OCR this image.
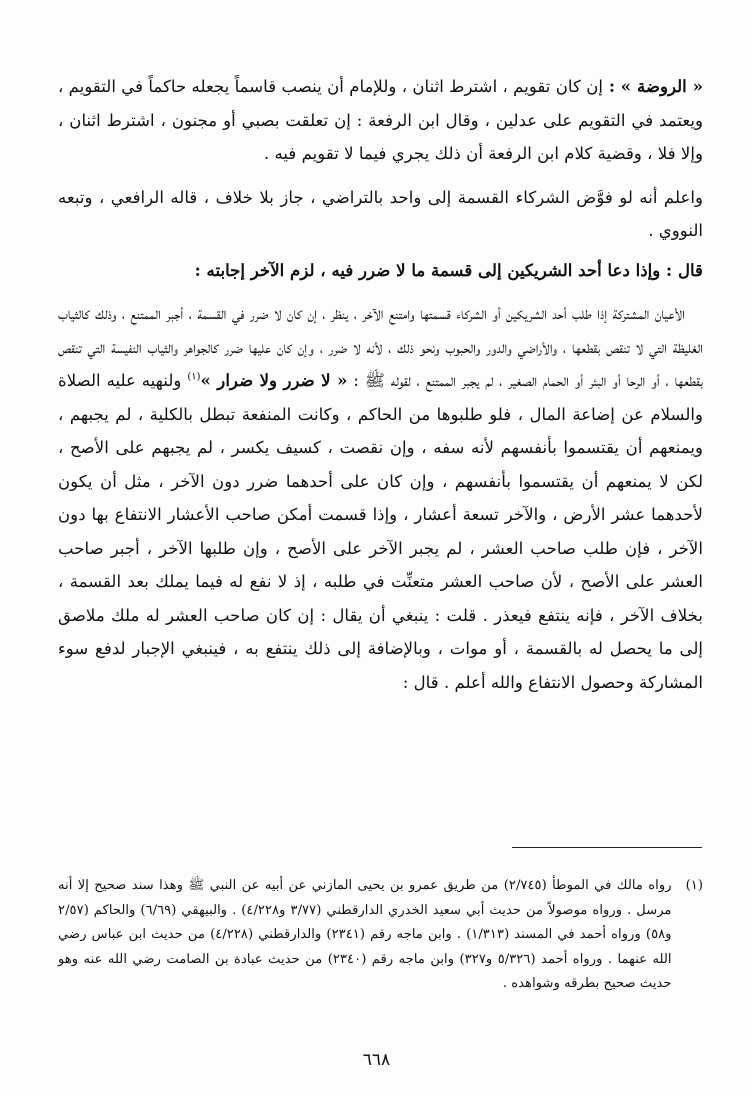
« الروضة » : إن كان تقويم ، اشترط اثنان ، وللإمام أن ينصب قاسماً يجعله حاكماً في التقويم ، ويعتمد في التقويم على عدلين ، وقال ابن الرفعة : إن تعلقت بصبي أو مجنون ، اشترط اثنان ، وإلا فلا ، وقضية كلام ابن الرفعة أن ذلك يجري فيما لا تقويم فيه .

واعلم أنه لو فوَّض الشركاء القسمة إلى واحد بالتراضي ، جاز بلا خلاف ، قاله الرافعي ، وتبعه النووي .

قال : وإذا دعا أحد الشريكين إلى قسمة ما لا ضرر فيه ، لزم الآخر إجابته :

الأعيان المشتركة إذا طلب أحد الشريكين أو الشركاء قسمتها وامتنع الآخر ، ينظر ، إن كان لا ضرر في القسمة ، أجبر الممتنع ، وذلك كالثياب الغليظة التي لا تنقص بقطعها ، والأراضي والدور والحبوب ونحو ذلك ، لأنه لا ضرر ، وإن كان عليها ضرر كالجواهر والثياب النفيسة التي تنقص بقطعها ، أو الرحا أو البئر أو الحمام الصغير ، لم يجبر الممتنع ، لقوله ﷺ : « لا ضرر ولا ضرار »$^{(١)}$ ولنهيه عليه الصلاة والسلام عن إضاعة المال ، فلو طلبوها من الحاكم ، وكانت المنفعة تبطل بالكلية ، لم يجبهم ، ويمنعهم أن يقتسموا بأنفسهم لأنه سفه ، وإن نقصت ، كسيف يكسر ، لم يجبهم على الأصح ، لكن لا يمنعهم أن يقتسموا بأنفسهم ، وإن كان على أحدهما ضرر دون الآخر ، مثل أن يكون لأحدهما عشر الأرض ، والآخر تسعة أعشار ، وإذا قسمت أمكن صاحب الأعشار الانتفاع بها دون الآخر ، فإن طلب صاحب العشر ، لم يجبر الآخر على الأصح ، وإن طلبها الآخر ، أجبر صاحب العشر على الأصح ، لأن صاحب العشر متعنِّت في طلبه ، إذ لا نفع له فيما يملك بعد القسمة ، بخلاف الآخر ، فإنه ينتفع فيعذر . قلت : ينبغي أن يقال : إن كان صاحب العشر له ملك ملاصق إلى ما يحصل له بالقسمة ، أو موات ، وبالإضافة إلى ذلك ينتفع به ، فينبغي الإجبار لدفع سوء المشاركة وحصول الانتفاع والله أعلم . قال :

(١)
رواه مالك في الموطأ (٢/٧٤٥) من طريق عمرو بن يحيى المازني عن أبيه عن النبي ﷺ وهذا سند صحيح إلا أنه مرسل . ورواه موصولاً من حديث أبي سعيد الخدري الدارقطني (٣/٧٧ و٤/٢٢٨) . والبيهقي (٦/٦٩) والحاكم (٢/٥٧ و٥٨) ورواه أحمد في المسند (١/٣١٣) . وابن ماجه رقم (٢٣٤١) والدارقطني (٤/٢٢٨) من حديث ابن عباس رضي الله عنهما . ورواه أحمد (٥/٣٢٦ و٣٢٧) وابن ماجه رقم (٢٣٤٠) من حديث عبادة بن الصامت رضي الله عنه وهو حديث صحيح بطرقه وشواهده .
٦٦٨
